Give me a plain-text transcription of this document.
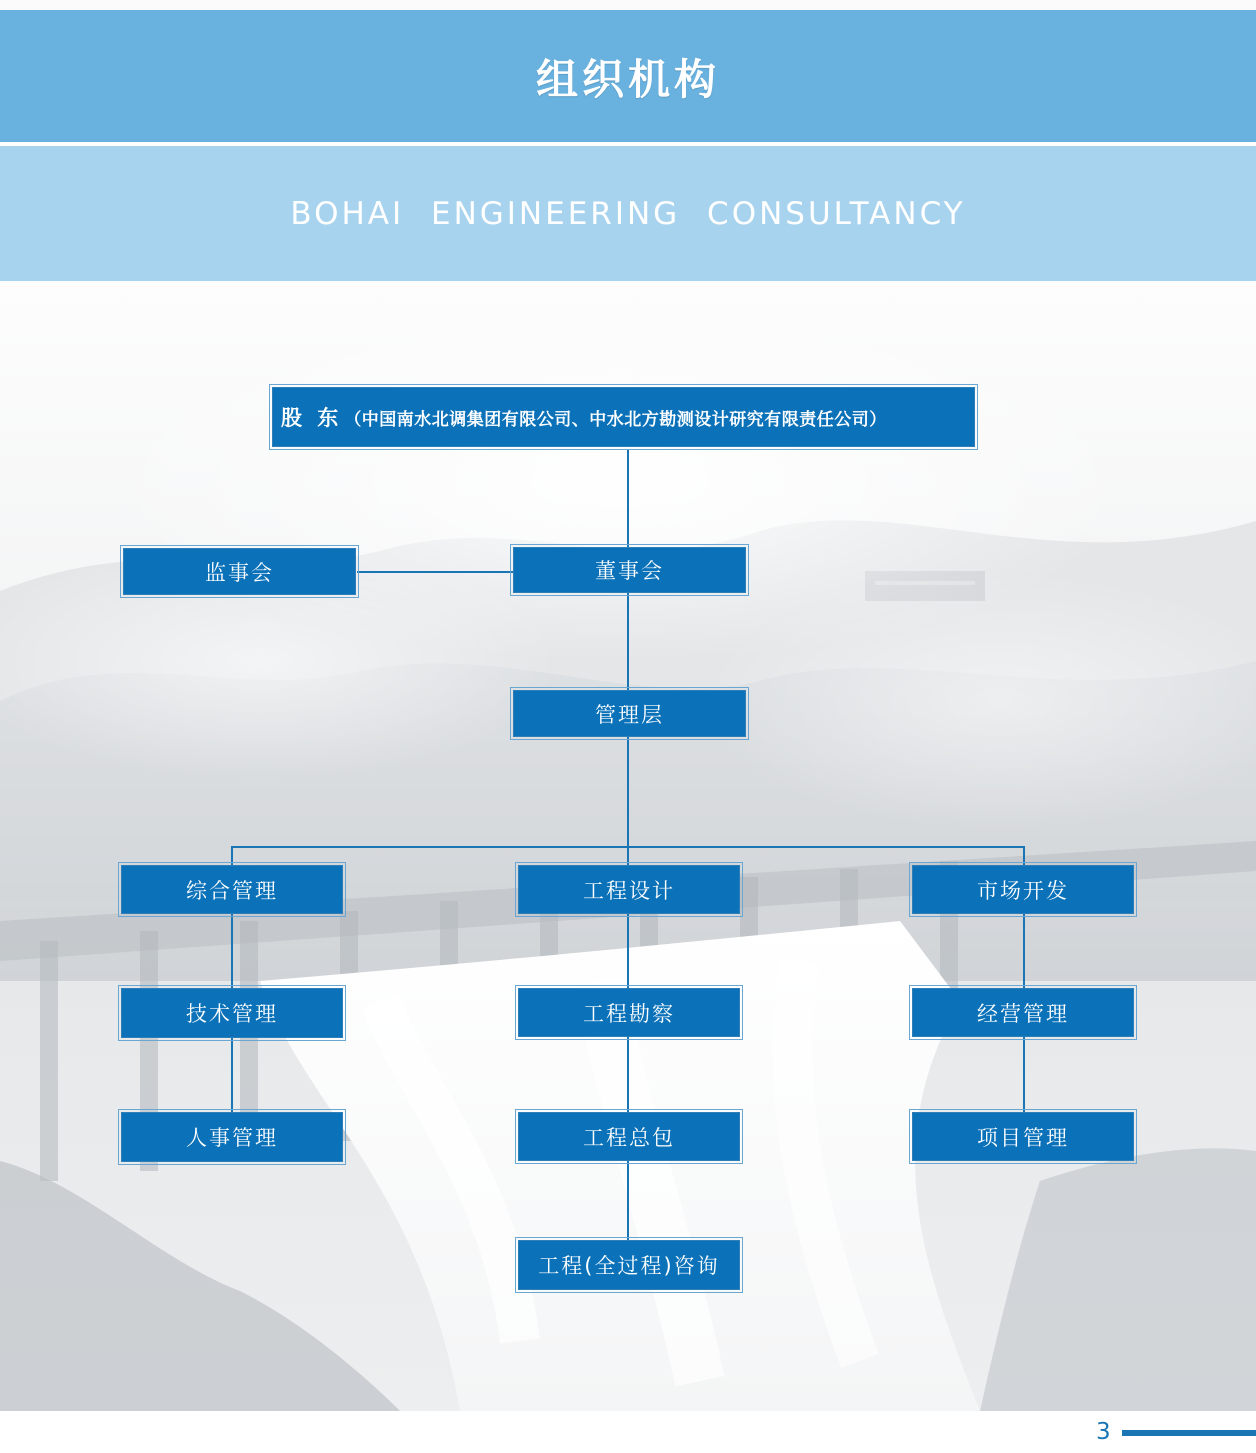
组织机构
BOHAI ENGINEERING CONSULTANCY
股 东 （中国南水北调集团有限公司、中水北方勘测设计研究有限责任公司）
监事会	董事会
管理层
综合管理
技术管理
人事管理
工程设计
工程勘察
工程总包
工程(全过程)咨询
市场开发
经营管理
项目管理
3
